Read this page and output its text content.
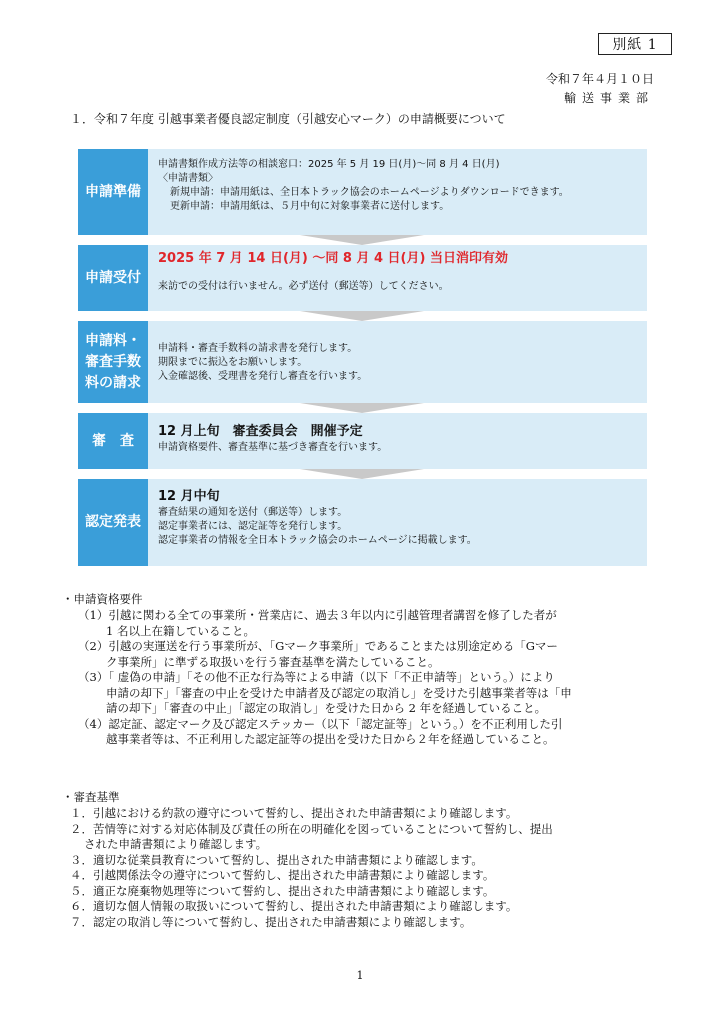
別紙 1
令和７年４月１０日
輸送事業部
１．令和７年度 引越事業者優良認定制度（引越安心マーク）の申請概要について
申請準備
申請書類作成方法等の相談窓口：2025 年 5 月 19 日(月)～同 8 月 4 日(月)
〈申請書類〉
新規申請：申請用紙は、全日本トラック協会のホームページよりダウンロードできます。
更新申請：申請用紙は、５月中旬に対象事業者に送付します。
申請受付
2025 年 7 月 14 日(月) ～同 8 月 4 日(月) 当日消印有効
来訪での受付は行いません。必ず送付（郵送等）してください。
申請料・
審査手数
料の請求
申請料・審査手数料の請求書を発行します。
期限までに振込をお願いします。
入金確認後、受理書を発行し審査を行います。
審　査
12 月上旬　審査委員会　開催予定
申請資格要件、審査基準に基づき審査を行います。
認定発表
12 月中旬
審査結果の通知を送付（郵送等）します。
認定事業者には、認定証等を発行します。
認定事業者の情報を全日本トラック協会のホームページに掲載します。
・申請資格要件
（1）引越に関わる全ての事業所・営業店に、過去３年以内に引越管理者講習を修了した者が
1 名以上在籍していること。
（2）引越の実運送を行う事業所が、「Gマーク事業所」であることまたは別途定める「Gマー
ク事業所」に準ずる取扱いを行う審査基準を満たしていること。
（3）「 虚偽の申請」「その他不正な行為等による申請（以下「不正申請等」という。）により
申請の却下」「審査の中止を受けた申請者及び認定の取消し」を受けた引越事業者等は「申
請の却下」「審査の中止」「認定の取消し」を受けた日から 2 年を経過していること。
（4）認定証、認定マーク及び認定ステッカー（以下「認定証等」という。）を不正利用した引
越事業者等は、不正利用した認定証等の提出を受けた日から２年を経過していること。
・審査基準
１．引越における約款の遵守について誓約し、提出された申請書類により確認します。
２．苦情等に対する対応体制及び責任の所在の明確化を図っていることについて誓約し、提出
された申請書類により確認します。
３．適切な従業員教育について誓約し、提出された申請書類により確認します。
４．引越関係法令の遵守について誓約し、提出された申請書類により確認します。
５．適正な廃棄物処理等について誓約し、提出された申請書類により確認します。
６．適切な個人情報の取扱いについて誓約し、提出された申請書類により確認します。
７．認定の取消し等について誓約し、提出された申請書類により確認します。
1
